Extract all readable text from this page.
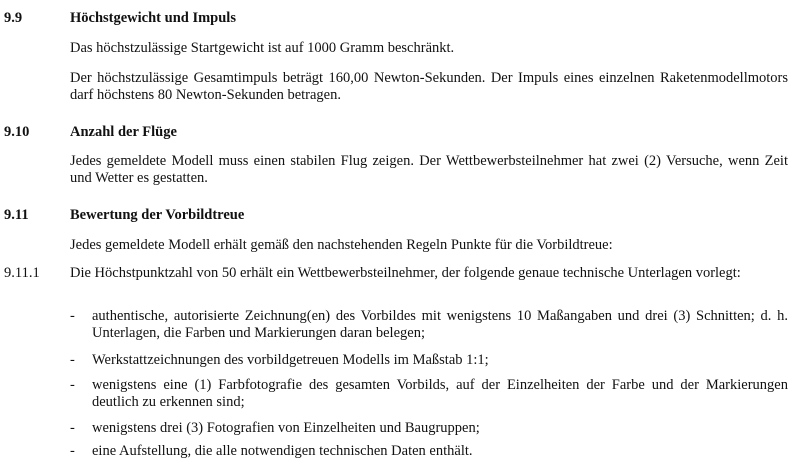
9.9	Höchstgewicht und Impuls
Das höchstzulässige Startgewicht ist auf 1000 Gramm beschränkt.
Der höchstzulässige Gesamtimpuls beträgt 160,00 Newton-Sekunden. Der Impuls eines einzelnen Raketenmodellmotors darf höchstens 80 Newton-Sekunden betragen.
9.10	Anzahl der Flüge
Jedes gemeldete Modell muss einen stabilen Flug zeigen. Der Wettbewerbsteilnehmer hat zwei (2) Versuche, wenn Zeit und Wetter es gestatten.
9.11	Bewertung der Vorbildtreue
Jedes gemeldete Modell erhält gemäß den nachstehenden Regeln Punkte für die Vorbildtreue:
9.11.1 Die Höchstpunktzahl von 50 erhält ein Wettbewerbsteilnehmer, der folgende genaue technische Unterlagen vorlegt:
- authentische, autorisierte Zeichnung(en) des Vorbildes mit wenigstens 10 Maßangaben und drei (3) Schnitten; d. h. Unterlagen, die Farben und Markierungen daran belegen;
- Werkstattzeichnungen des vorbildgetreuen Modells im Maßstab 1:1;
- wenigstens eine (1) Farbfotografie des gesamten Vorbilds, auf der Einzelheiten der Farbe und der Markierungen deutlich zu erkennen sind;
- wenigstens drei (3) Fotografien von Einzelheiten und Baugruppen;
- eine Aufstellung, die alle notwendigen technischen Daten enthält.
